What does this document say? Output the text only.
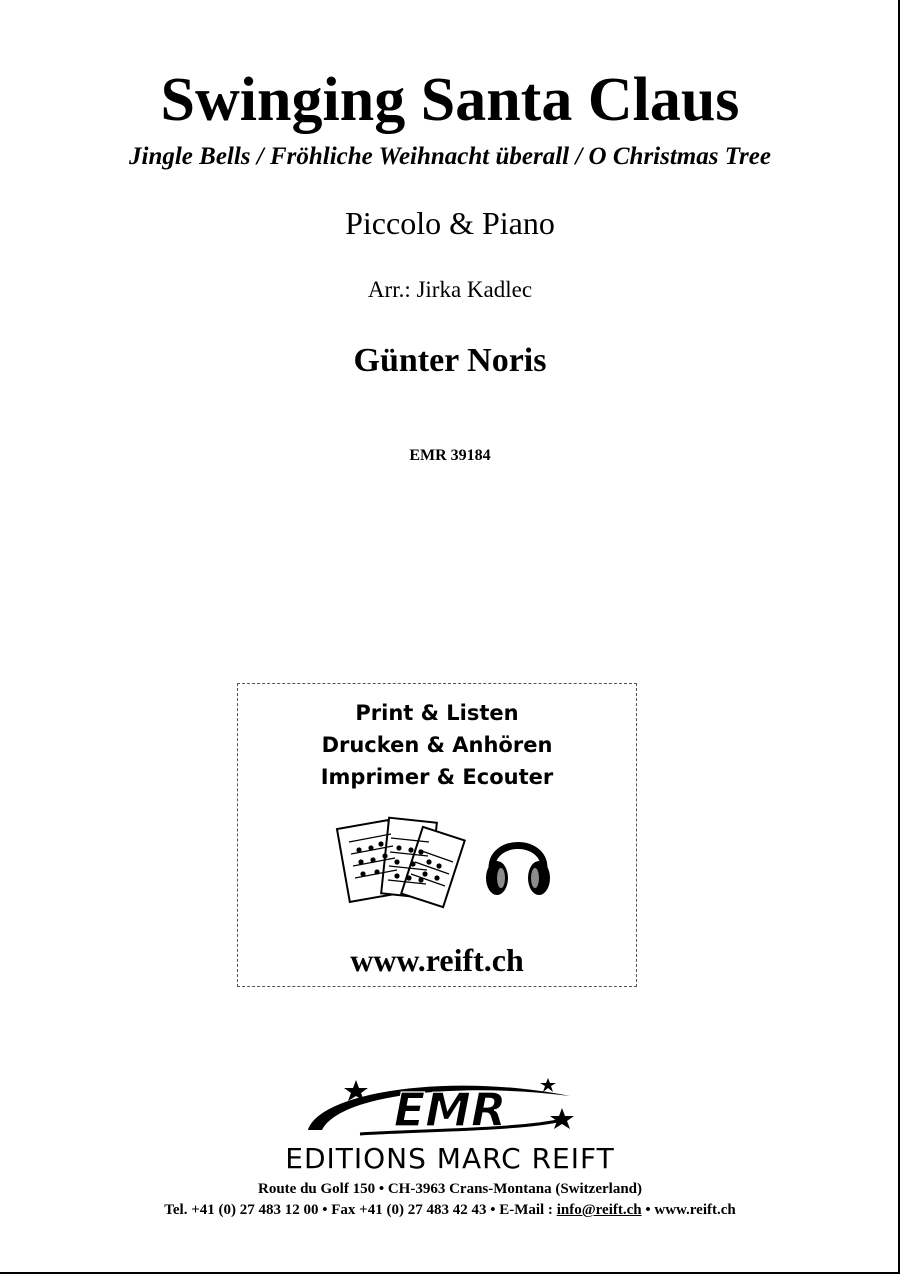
Swinging Santa Claus
Jingle Bells / Fröhliche Weihnacht überall / O Christmas Tree
Piccolo & Piano
Arr.: Jirka Kadlec
Günter Noris
EMR 39184
Print & Listen
Drucken & Anhören
Imprimer & Ecouter
www.reift.ch
EMR
EDITIONS MARC REIFT
Route du Golf 150 • CH-3963 Crans-Montana (Switzerland)
Tel. +41 (0) 27 483 12 00 • Fax +41 (0) 27 483 42 43 • E-Mail : info@reift.ch • www.reift.ch
